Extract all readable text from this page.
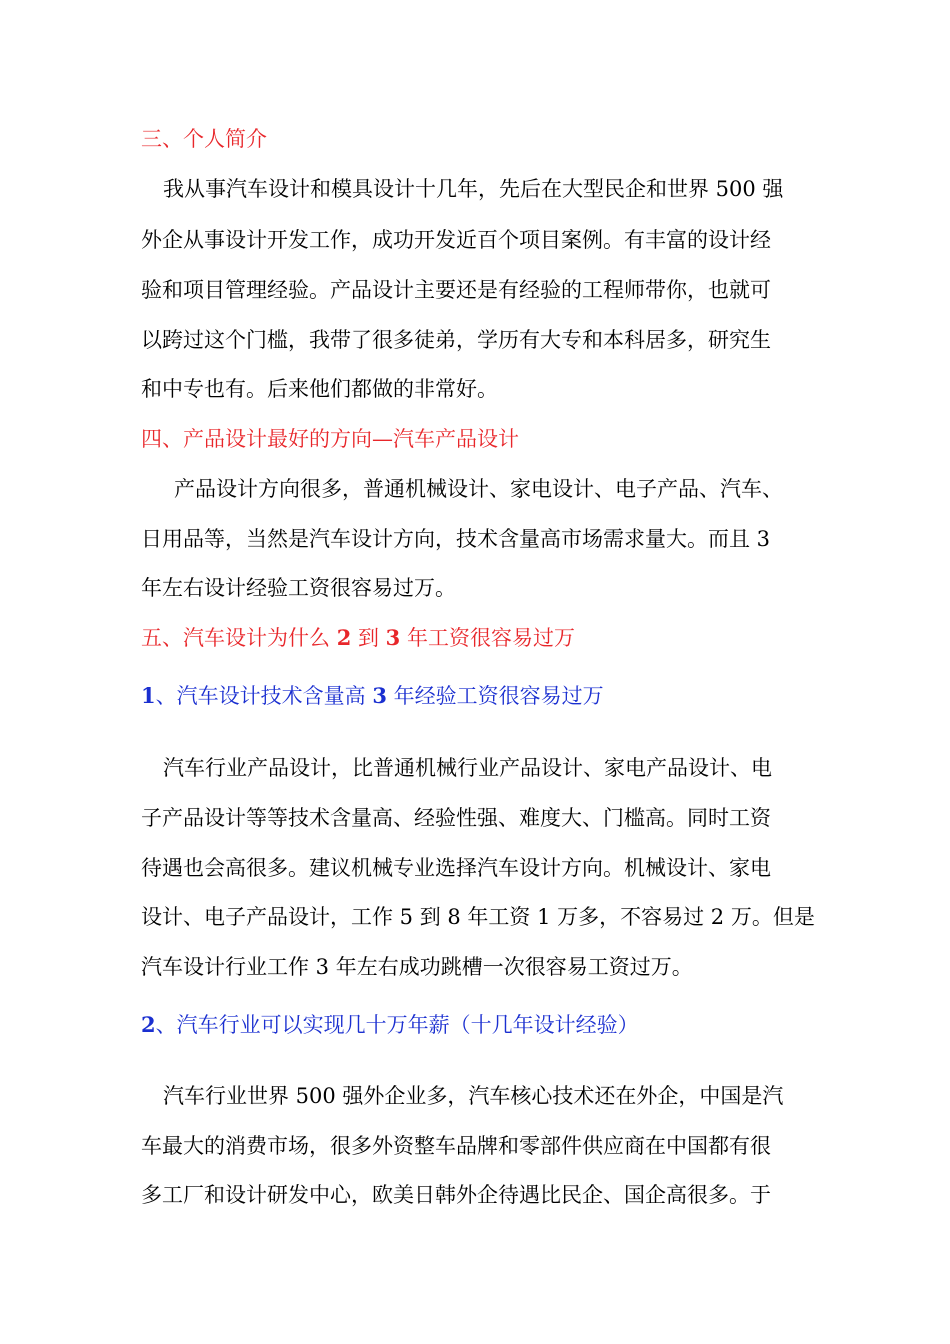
三、个人简介
我从事汽车设计和模具设计十几年，先后在大型民企和世界 500 强
外企从事设计开发工作，成功开发近百个项目案例。有丰富的设计经
验和项目管理经验。产品设计主要还是有经验的工程师带你，也就可
以跨过这个门槛，我带了很多徒弟，学历有大专和本科居多，研究生
和中专也有。后来他们都做的非常好。
四、产品设计最好的方向—汽车产品设计
产品设计方向很多，普通机械设计、家电设计、电子产品、汽车、
日用品等，当然是汽车设计方向，技术含量高市场需求量大。而且 3
年左右设计经验工资很容易过万。
五、汽车设计为什么 2 到 3 年工资很容易过万
1、汽车设计技术含量高 3 年经验工资很容易过万
汽车行业产品设计，比普通机械行业产品设计、家电产品设计、电
子产品设计等等技术含量高、经验性强、难度大、门槛高。同时工资
待遇也会高很多。建议机械专业选择汽车设计方向。机械设计、家电
设计、电子产品设计，工作 5 到 8 年工资 1 万多，不容易过 2 万。但是
汽车设计行业工作 3 年左右成功跳槽一次很容易工资过万。
2、汽车行业可以实现几十万年薪（十几年设计经验）
汽车行业世界 500 强外企业多，汽车核心技术还在外企，中国是汽
车最大的消费市场，很多外资整车品牌和零部件供应商在中国都有很
多工厂和设计研发中心，欧美日韩外企待遇比民企、国企高很多。于
